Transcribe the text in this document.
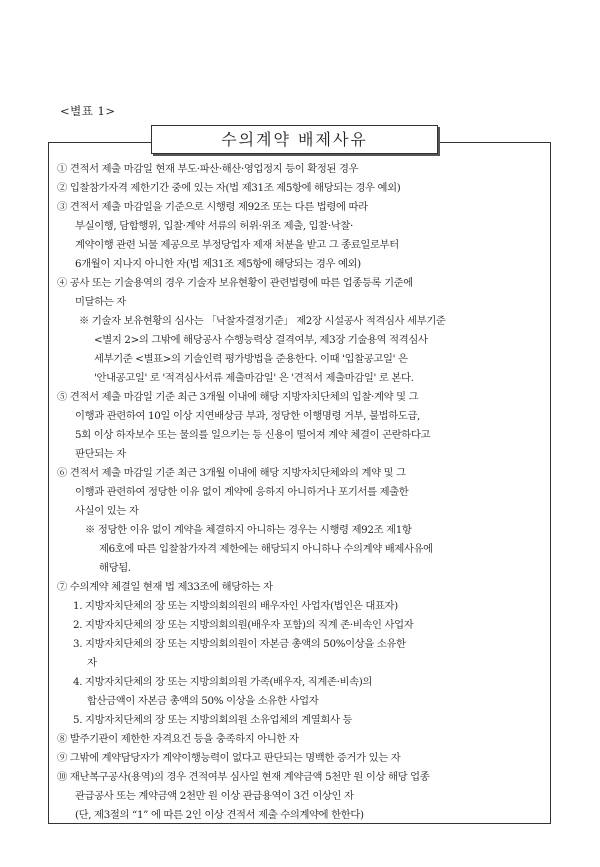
<별표 1>
수의계약 배제사유
① 견적서 제출 마감일 현재 부도·파산·해산·영업정지 등이 확정된 경우
② 입찰참가자격 제한기간 중에 있는 자(법 제31조 제5항에 해당되는 경우 예외)
③ 견적서 제출 마감일을 기준으로 시행령 제92조 또는 다른 법령에 따라
부실이행, 담합행위, 입찰·계약 서류의 허위·위조 제출, 입찰·낙찰·
계약이행 관련 뇌물 제공으로 부정당업자 제재 처분을 받고 그 종료일로부터
6개월이 지나지 아니한 자(법 제31조 제5항에 해당되는 경우 예외)
④ 공사 또는 기술용역의 경우 기술자 보유현황이 관련법령에 따른 업종등록 기준에
미달하는 자
※ 기술자 보유현황의 심사는 「낙찰자결정기준」 제2장 시설공사 적격심사 세부기준
<별지 2>의 그밖에 해당공사 수행능력상 결격여부, 제3장 기술용역 적격심사
세부기준 <별표>의 기술인력 평가방법을 준용한다. 이때 '입찰공고일' 은
'안내공고일' 로 '적격심사서류 제출마감일' 은 '견적서 제출마감일' 로 본다.
⑤ 견적서 제출 마감일 기준 최근 3개월 이내에 해당 지방자치단체의 입찰·계약 및 그
이행과 관련하여 10일 이상 지연배상금 부과, 정당한 이행명령 거부, 불법하도급,
5회 이상 하자보수 또는 물의를 일으키는 등 신용이 떨어져 계약 체결이 곤란하다고
판단되는 자
⑥ 견적서 제출 마감일 기준 최근 3개월 이내에 해당 지방자치단체와의 계약 및 그
이행과 관련하여 정당한 이유 없이 계약에 응하지 아니하거나 포기서를 제출한
사실이 있는 자
※ 정당한 이유 없이 계약을 체결하지 아니하는 경우는 시행령 제92조 제1항
제6호에 따른 입찰참가자격 제한에는 해당되지 아니하나 수의계약 배제사유에
해당됨.
⑦ 수의계약 체결일 현재 법 제33조에 해당하는 자
1. 지방자치단체의 장 또는 지방의회의원의 배우자인 사업자(법인은 대표자)
2. 지방자치단체의 장 또는 지방의회의원(배우자 포함)의 직계 존·비속인 사업자
3. 지방자치단체의 장 또는 지방의회의원이 자본금 총액의 50%이상을 소유한
자
4. 지방자치단체의 장 또는 지방의회의원 가족(배우자, 직계존·비속)의
합산금액이 자본금 총액의 50% 이상을 소유한 사업자
5. 지방자치단체의 장 또는 지방의회의원 소유업체의 계열회사 등
⑧ 발주기관이 제한한 자격요건 등을 충족하지 아니한 자
⑨ 그밖에 계약담당자가 계약이행능력이 없다고 판단되는 명백한 증거가 있는 자
⑩ 재난복구공사(용역)의 경우 견적여부 심사일 현재 계약금액 5천만 원 이상 해당 업종
관급공사 또는 계약금액 2천만 원 이상 관급용역이 3건 이상인 자
(단, 제3절의 “1” 에 따른 2인 이상 견적서 제출 수의계약에 한한다)
